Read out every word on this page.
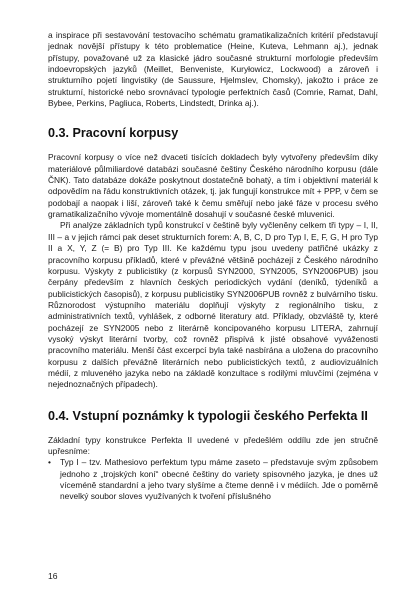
a inspirace při sestavování testovacího schématu gramatikalizačních kritérií představují jednak novější přístupy k této problematice (Heine, Kuteva, Lehmann aj.), jednak přístupy, považované už za klasické jádro současné strukturní morfologie především indoevropských jazyků (Meillet, Benveniste, Kuryłowicz, Lockwood) a zároveň i strukturního pojetí lingvistiky (de Saussure, Hjelmslev, Chomsky), jakožto i práce ze strukturní, historické nebo srovnávací typologie perfektních časů (Comrie, Ramat, Dahl, Bybee, Perkins, Pagliuca, Roberts, Lindstedt, Drinka aj.).

0.3. Pracovní korpusy

Pracovní korpusy o více než dvaceti tisících dokladech byly vytvořeny především díky materiálové půlmiliardové databázi současné češtiny Českého národního korpusu (dále ČNK). Tato databáze dokáže poskytnout dostatečně bohatý, a tím i objektivní materiál k odpovědím na řádu konstruktivních otázek, tj. jak fungují konstrukce mít + PPP, v čem se podobají a naopak i liší, zároveň také k čemu směřují nebo jaké fáze v procesu svého gramatikalizačního vývoje momentálně dosahují v současné české mluvenici.

Při analýze základních typů konstrukcí v češtině byly vyčleněny celkem tři typy – I, II, III – a v jejich rámci pak deset strukturních forem: A, B, C, D pro Typ I, E, F, G, H pro Typ II a X, Y, Z (= B) pro Typ III. Ke každému typu jsou uvedeny patřičné ukázky z pracovního korpusu příkladů, které v převážné většině pocházejí z Českého národního korpusu. Výskyty z publicistiky (z korpusů SYN2000, SYN2005, SYN2006PUB) jsou čerpány především z hlavních českých periodických vydání (deníků, týdeníků a publicistických časopisů), z korpusu publicistiky SYN2006PUB rovněž z bulvárního tisku. Různorodost výstupního materiálu doplňují výskyty z regionálního tisku, z administrativních textů, vyhlášek, z odborné literatury atd. Příklady, obzvláště ty, které pocházejí ze SYN2005 nebo z literárně koncipovaného korpusu LITERA, zahrnují vysoký výskyt literární tvorby, což rovněž přispívá k jisté obsahové vyváženosti pracovního materiálu. Menší část excerpcí byla také nasbírána a uložena do pracovního korpusu z dalších převážně literárních nebo publicistických textů, z audiovizuálních médií, z mluveného jazyka nebo na základě konzultace s rodilými mluvčími (zejména v nejednoznačných případech).

0.4. Vstupní poznámky k typologii českého Perfekta II

Základní typy konstrukce Perfekta II uvedené v předešlém oddílu zde jen stručně upřesníme:

• Typ I – tzv. Mathesiovo perfektum typu máme zaseto – představuje svým způsobem jednoho z „trojských koní“ obecné češtiny do variety spisovného jazyka, je dnes už víceméně standardní a jeho tvary slyšíme a čteme denně i v médiích. Jde o poměrně nevelký soubor sloves využívaných k tvoření příslušného
16
